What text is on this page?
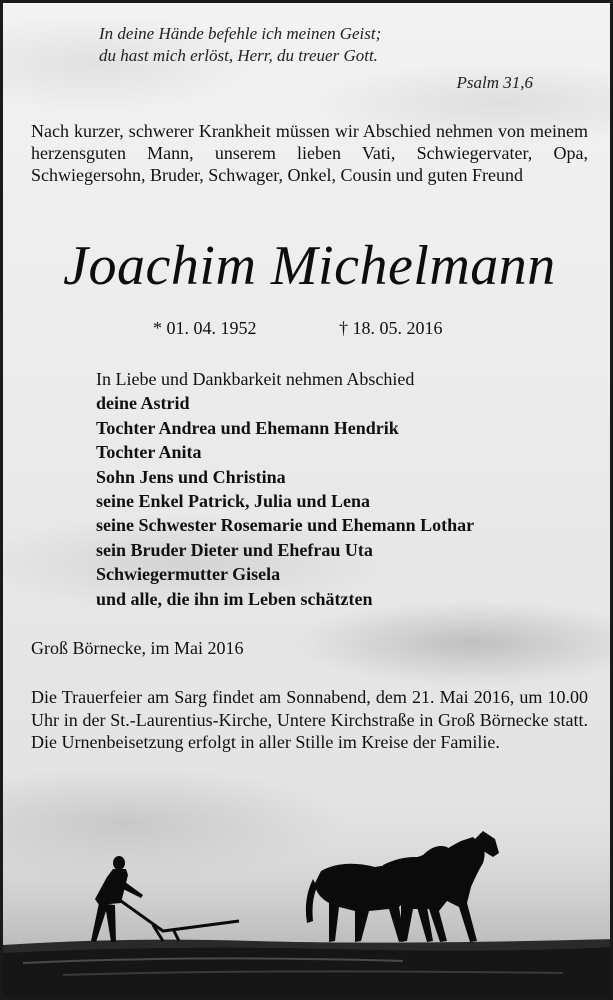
In deine Hände befehle ich meinen Geist;
du hast mich erlöst, Herr, du treuer Gott.
Psalm 31,6
Nach kurzer, schwerer Krankheit müssen wir Abschied nehmen von meinem herzensguten Mann, unserem lieben Vati, Schwiegervater, Opa, Schwiegersohn, Bruder, Schwager, Onkel, Cousin und guten Freund
Joachim Michelmann
* 01. 04. 1952	† 18. 05. 2016
In Liebe und Dankbarkeit nehmen Abschied
deine Astrid
Tochter Andrea und Ehemann Hendrik
Tochter Anita
Sohn Jens und Christina
seine Enkel Patrick, Julia und Lena
seine Schwester Rosemarie und Ehemann Lothar
sein Bruder Dieter und Ehefrau Uta
Schwiegermutter Gisela
und alle, die ihn im Leben schätzten
Groß Börnecke, im Mai 2016
Die Trauerfeier am Sarg findet am Sonnabend, dem 21. Mai 2016, um 10.00 Uhr in der St.-Laurentius-Kirche, Untere Kirchstraße in Groß Börnecke statt. Die Urnenbeisetzung erfolgt in aller Stille im Kreise der Familie.
